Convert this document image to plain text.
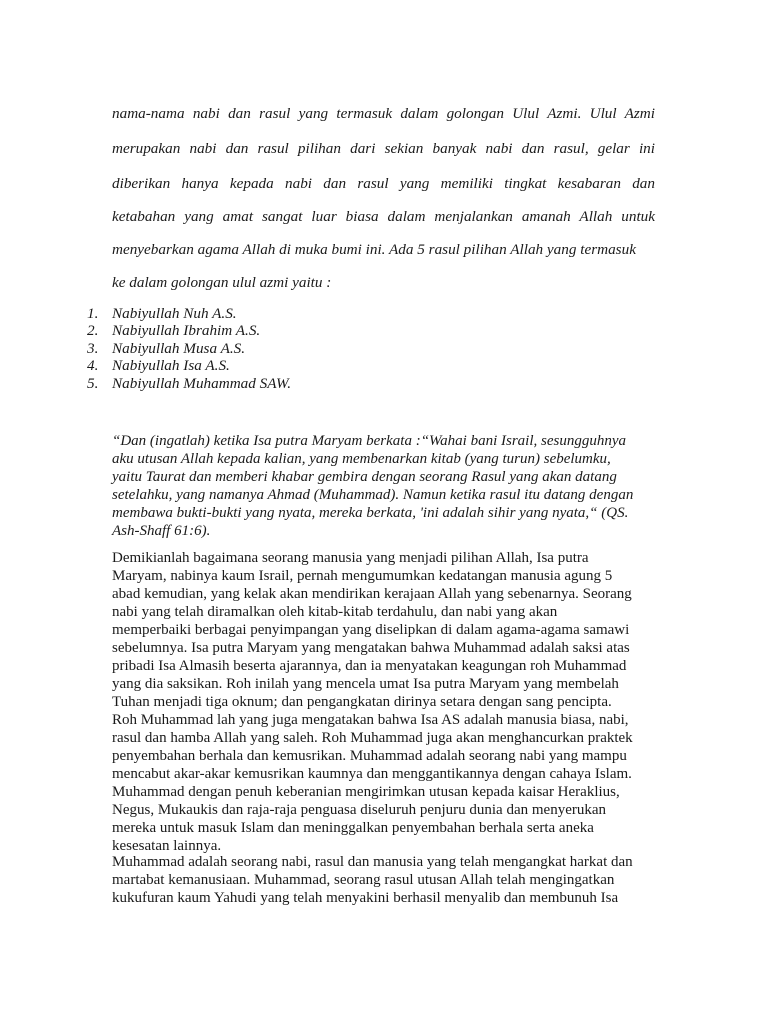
nama-nama nabi dan rasul yang termasuk dalam golongan Ulul Azmi. Ulul Azmi
merupakan nabi dan rasul pilihan dari sekian banyak nabi dan rasul, gelar ini
diberikan hanya kepada nabi dan rasul yang memiliki tingkat kesabaran dan
ketabahan yang amat sangat luar biasa dalam menjalankan amanah Allah untuk
menyebarkan agama Allah di muka bumi ini. Ada 5 rasul pilihan Allah yang termasuk
ke dalam golongan ulul azmi yaitu :
1. Nabiyullah Nuh A.S.
2. Nabiyullah Ibrahim A.S.
3. Nabiyullah Musa A.S.
4. Nabiyullah Isa A.S.
5. Nabiyullah Muhammad SAW.

“Dan (ingatlah) ketika Isa putra Maryam berkata :“Wahai bani Israil, sesungguhnya
aku utusan Allah kepada kalian, yang membenarkan kitab (yang turun) sebelumku,
yaitu Taurat dan memberi khabar gembira dengan seorang Rasul yang akan datang
setelahku, yang namanya Ahmad (Muhammad). Namun ketika rasul itu datang dengan
membawa bukti-bukti yang nyata, mereka berkata, 'ini adalah sihir yang nyata,“ (QS.
Ash-Shaff 61:6).

Demikianlah bagaimana seorang manusia yang menjadi pilihan Allah, Isa putra
Maryam, nabinya kaum Israil, pernah mengumumkan kedatangan manusia agung 5
abad kemudian, yang kelak akan mendirikan kerajaan Allah yang sebenarnya. Seorang
nabi yang telah diramalkan oleh kitab-kitab terdahulu, dan nabi yang akan
memperbaiki berbagai penyimpangan yang diselipkan di dalam agama-agama samawi
sebelumnya. Isa putra Maryam yang mengatakan bahwa Muhammad adalah saksi atas
pribadi Isa Almasih beserta ajarannya, dan ia menyatakan keagungan roh Muhammad
yang dia saksikan. Roh inilah yang mencela umat Isa putra Maryam yang membelah
Tuhan menjadi tiga oknum; dan pengangkatan dirinya setara dengan sang pencipta.
Roh Muhammad lah yang juga mengatakan bahwa Isa AS adalah manusia biasa, nabi,
rasul dan hamba Allah yang saleh. Roh Muhammad juga akan menghancurkan praktek
penyembahan berhala dan kemusrikan. Muhammad adalah seorang nabi yang mampu
mencabut akar-akar kemusrikan kaumnya dan menggantikannya dengan cahaya Islam.
Muhammad dengan penuh keberanian mengirimkan utusan kepada kaisar Heraklius,
Negus, Mukaukis dan raja-raja penguasa diseluruh penjuru dunia dan menyerukan
mereka untuk masuk Islam dan meninggalkan penyembahan berhala serta aneka
kesesatan lainnya.

Muhammad adalah seorang nabi, rasul dan manusia yang telah mengangkat harkat dan
martabat kemanusiaan. Muhammad, seorang rasul utusan Allah telah mengingatkan
kukufuran kaum Yahudi yang telah menyakini berhasil menyalib dan membunuh Isa
